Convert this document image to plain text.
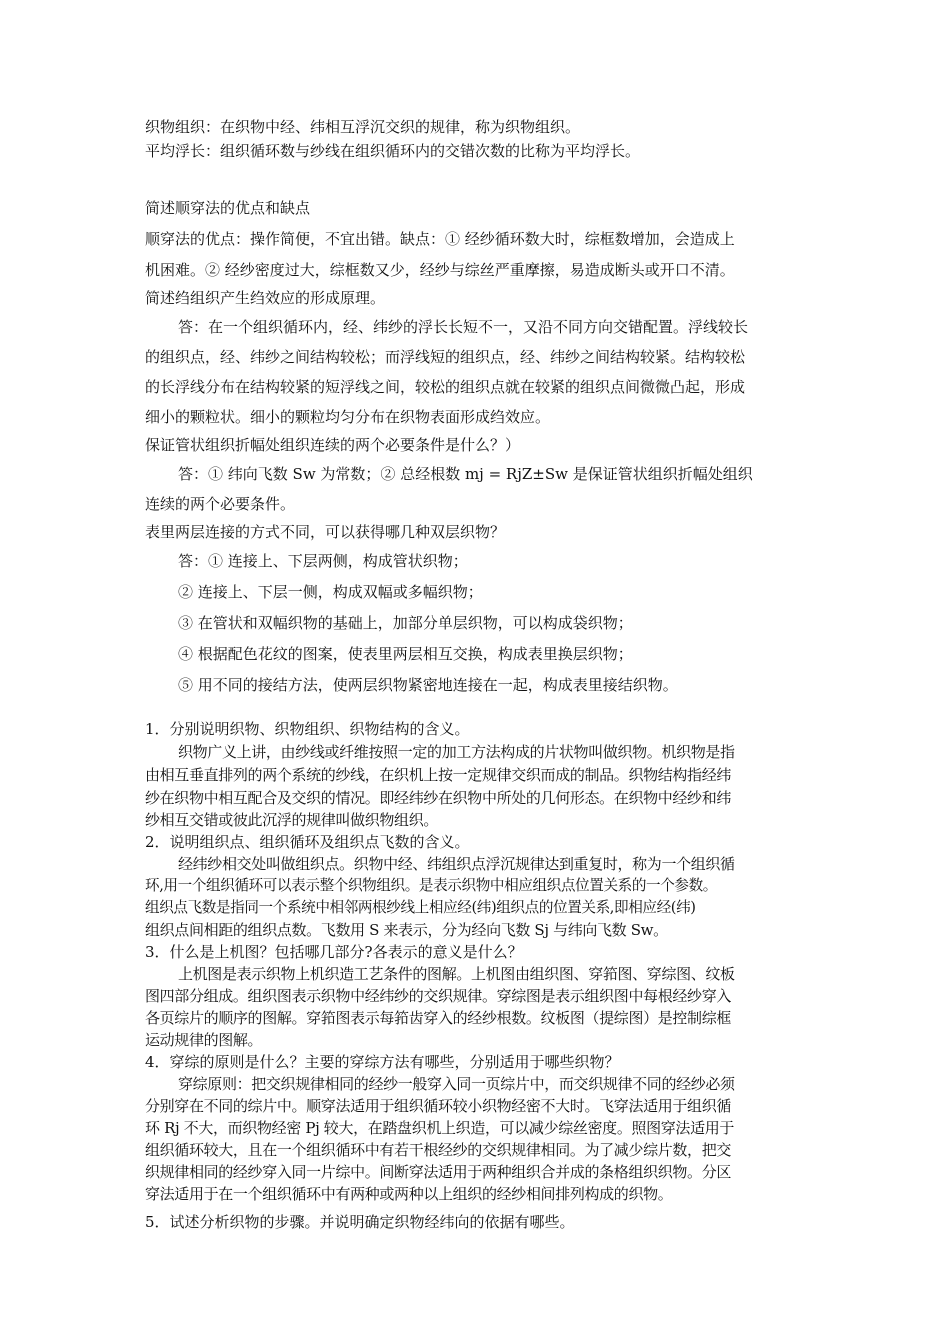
织物组织：在织物中经、纬相互浮沉交织的规律，称为织物组织。
平均浮长：组织循环数与纱线在组织循环内的交错次数的比称为平均浮长。
简述顺穿法的优点和缺点
顺穿法的优点：操作简便，不宜出错。缺点：① 经纱循环数大时，综框数增加，会造成上
机困难。② 经纱密度过大，综框数又少，经纱与综丝严重摩擦，易造成断头或开口不清。
简述绉组织产生绉效应的形成原理。
答：在一个组织循环内，经、纬纱的浮长长短不一，又沿不同方向交错配置。浮线较长
的组织点，经、纬纱之间结构较松；而浮线短的组织点，经、纬纱之间结构较紧。结构较松
的长浮线分布在结构较紧的短浮线之间，较松的组织点就在较紧的组织点间微微凸起，形成
细小的颗粒状。细小的颗粒均匀分布在织物表面形成绉效应。
保证管状组织折幅处组织连续的两个必要条件是什么？）
答：① 纬向飞数 Sw 为常数；② 总经根数 mj = RjZ±Sw 是保证管状组织折幅处组织
连续的两个必要条件。
表里两层连接的方式不同，可以获得哪几种双层织物？
答：① 连接上、下层两侧，构成管状织物；
② 连接上、下层一侧，构成双幅或多幅织物；
③ 在管状和双幅织物的基础上，加部分单层织物，可以构成袋织物；
④ 根据配色花纹的图案，使表里两层相互交换，构成表里换层织物；
⑤ 用不同的接结方法，使两层织物紧密地连接在一起，构成表里接结织物。
1．分别说明织物、织物组织、织物结构的含义。
织物广义上讲，由纱线或纤维按照一定的加工方法构成的片状物叫做织物。机织物是指
由相互垂直排列的两个系统的纱线，在织机上按一定规律交织而成的制品。织物结构指经纬
纱在织物中相互配合及交织的情况。即经纬纱在织物中所处的几何形态。在织物中经纱和纬
纱相互交错或彼此沉浮的规律叫做织物组织。
2．说明组织点、组织循环及组织点飞数的含义。
经纬纱相交处叫做组织点。织物中经、纬组织点浮沉规律达到重复时，称为一个组织循
环,用一个组织循环可以表示整个织物组织。是表示织物中相应组织点位置关系的一个参数。
组织点飞数是指同一个系统中相邻两根纱线上相应经(纬)组织点的位置关系,即相应经(纬)
组织点间相距的组织点数。飞数用 S 来表示，分为经向飞数 Sj 与纬向飞数 Sw。
3．什么是上机图？包括哪几部分?各表示的意义是什么？
上机图是表示织物上机织造工艺条件的图解。上机图由组织图、穿筘图、穿综图、纹板
图四部分组成。组织图表示织物中经纬纱的交织规律。穿综图是表示组织图中每根经纱穿入
各页综片的顺序的图解。穿筘图表示每筘齿穿入的经纱根数。纹板图（提综图）是控制综框
运动规律的图解。
4．穿综的原则是什么？主要的穿综方法有哪些，分别适用于哪些织物？
穿综原则：把交织规律相同的经纱一般穿入同一页综片中，而交织规律不同的经纱必须
分别穿在不同的综片中。顺穿法适用于组织循环较小织物经密不大时。飞穿法适用于组织循
环 Rj 不大，而织物经密 Pj 较大，在踏盘织机上织造，可以减少综丝密度。照图穿法适用于
组织循环较大，且在一个组织循环中有若干根经纱的交织规律相同。为了减少综片数，把交
织规律相同的经纱穿入同一片综中。间断穿法适用于两种组织合并成的条格组织织物。分区
穿法适用于在一个组织循环中有两种或两种以上组织的经纱相间排列构成的织物。
5．试述分析织物的步骤。并说明确定织物经纬向的依据有哪些。
